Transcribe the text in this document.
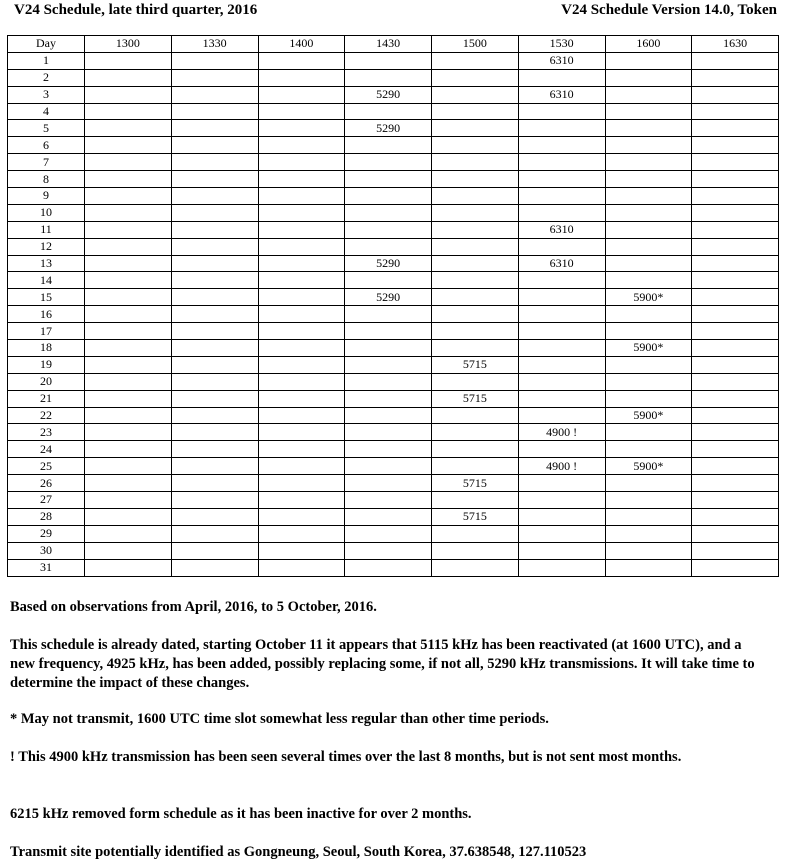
V24 Schedule, late third quarter, 2016	V24 Schedule Version 14.0, Token
Day	1300	1330	1400	1430	1500	1530	1600	1630
1						6310		
2								
3				5290		6310		
4								
5				5290				
6								
7								
8								
9								
10								
11						6310		
12								
13				5290		6310		
14								
15				5290			5900*	
16								
17								
18							5900*	
19					5715			
20								
21					5715			
22							5900*	
23						4900 !		
24								
25						4900 !	5900*	
26					5715			
27								
28					5715			
29								
30								
31								

Based on observations from April, 2016, to 5 October, 2016.

This schedule is already dated, starting October 11 it appears that 5115 kHz has been reactivated (at 1600 UTC), and a new frequency, 4925 kHz, has been added, possibly replacing some, if not all, 5290 kHz transmissions. It will take time to determine the impact of these changes.

* May not transmit, 1600 UTC time slot somewhat less regular than other time periods.

! This 4900 kHz transmission has been seen several times over the last 8 months, but is not sent most months.

6215 kHz removed form schedule as it has been inactive for over 2 months.

Transmit site potentially identified as Gongneung, Seoul, South Korea, 37.638548, 127.110523
